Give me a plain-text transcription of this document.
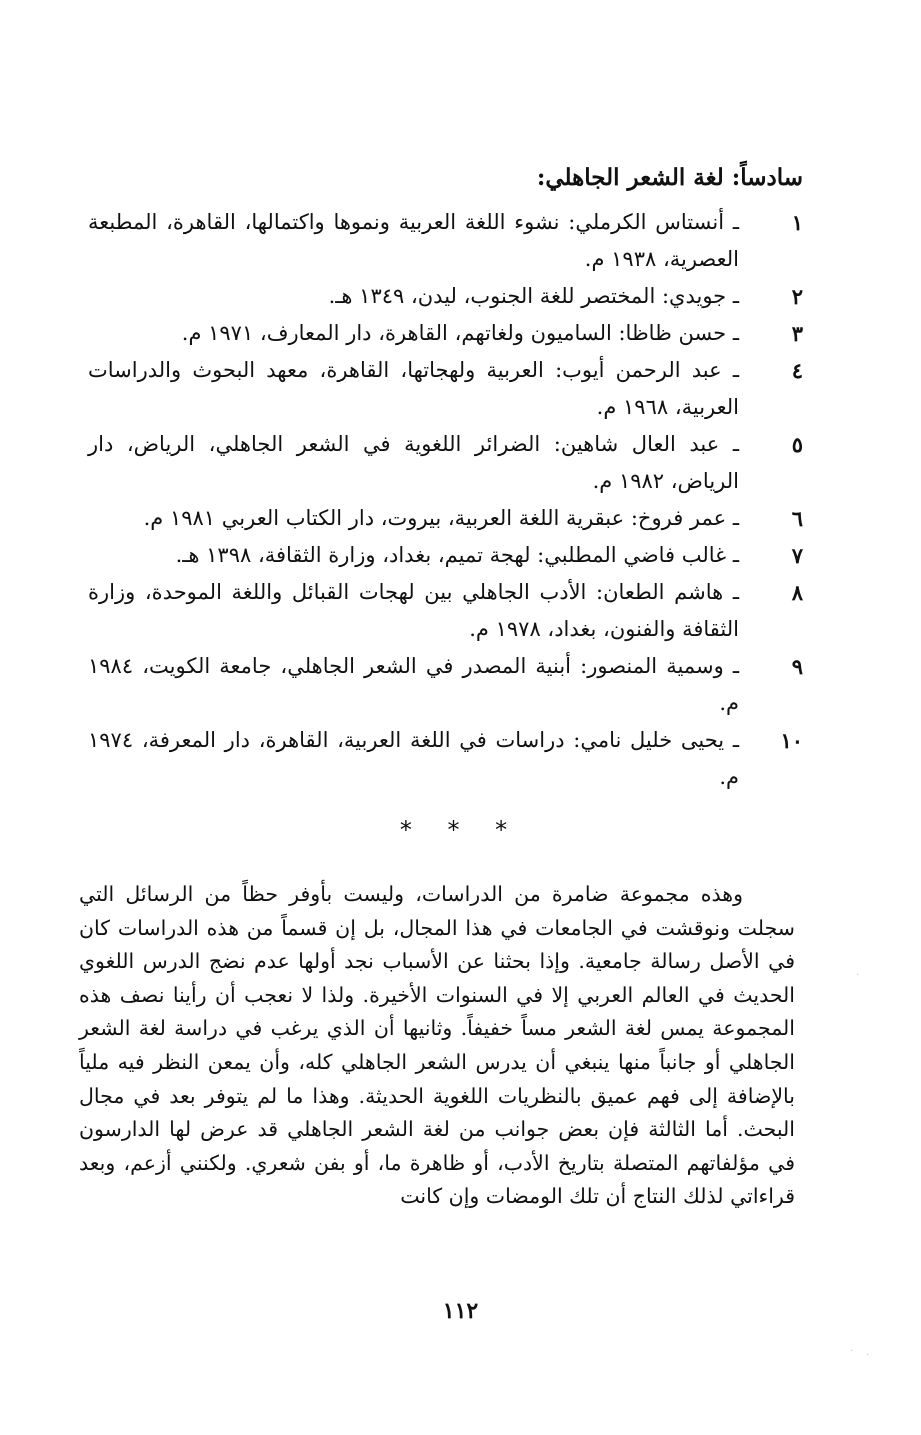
سادساً: لغة الشعر الجاهلي:
١
ـ أنستاس الكرملي: نشوء اللغة العربية ونموها واكتمالها، القاهرة، المطبعة العصرية، ١٩٣٨ م.
٢
ـ جويدي: المختصر للغة الجنوب، ليدن، ١٣٤٩ هـ.
٣
ـ حسن ظاظا: الساميون ولغاتهم، القاهرة، دار المعارف، ١٩٧١ م.
٤
ـ عبد الرحمن أيوب: العربية ولهجاتها، القاهرة، معهد البحوث والدراسات العربية، ١٩٦٨ م.
٥
ـ عبد العال شاهين: الضرائر اللغوية في الشعر الجاهلي، الرياض، دار الرياض، ١٩٨٢ م.
٦
ـ عمر فروخ: عبقرية اللغة العربية، بيروت، دار الكتاب العربي ١٩٨١ م.
٧
ـ غالب فاضي المطلبي: لهجة تميم، بغداد، وزارة الثقافة، ١٣٩٨ هـ.
٨
ـ هاشم الطعان: الأدب الجاهلي بين لهجات القبائل واللغة الموحدة، وزارة الثقافة والفنون، بغداد، ١٩٧٨ م.
٩
ـ وسمية المنصور: أبنية المصدر في الشعر الجاهلي، جامعة الكويت، ١٩٨٤ م.
١٠
ـ يحيى خليل نامي: دراسات في اللغة العربية، القاهرة، دار المعرفة، ١٩٧٤ م.
* * *

وهذه مجموعة ضامرة من الدراسات، وليست بأوفر حظاً من الرسائل التي سجلت ونوقشت في الجامعات في هذا المجال، بل إن قسماً من هذه الدراسات كان في الأصل رسالة جامعية. وإذا بحثنا عن الأسباب نجد أولها عدم نضج الدرس اللغوي الحديث في العالم العربي إلا في السنوات الأخيرة. ولذا لا نعجب أن رأينا نصف هذه المجموعة يمس لغة الشعر مساً خفيفاً. وثانيها أن الذي يرغب في دراسة لغة الشعر الجاهلي أو جانباً منها ينبغي أن يدرس الشعر الجاهلي كله، وأن يمعن النظر فيه ملياً بالإضافة إلى فهم عميق بالنظريات اللغوية الحديثة. وهذا ما لم يتوفر بعد في مجال البحث. أما الثالثة فإن بعض جوانب من لغة الشعر الجاهلي قد عرض لها الدارسون في مؤلفاتهم المتصلة بتاريخ الأدب، أو ظاهرة ما، أو بفن شعري. ولكنني أزعم، وبعد قراءاتي لذلك النتاج أن تلك الومضات وإن كانت

١١٢
·
· ·
